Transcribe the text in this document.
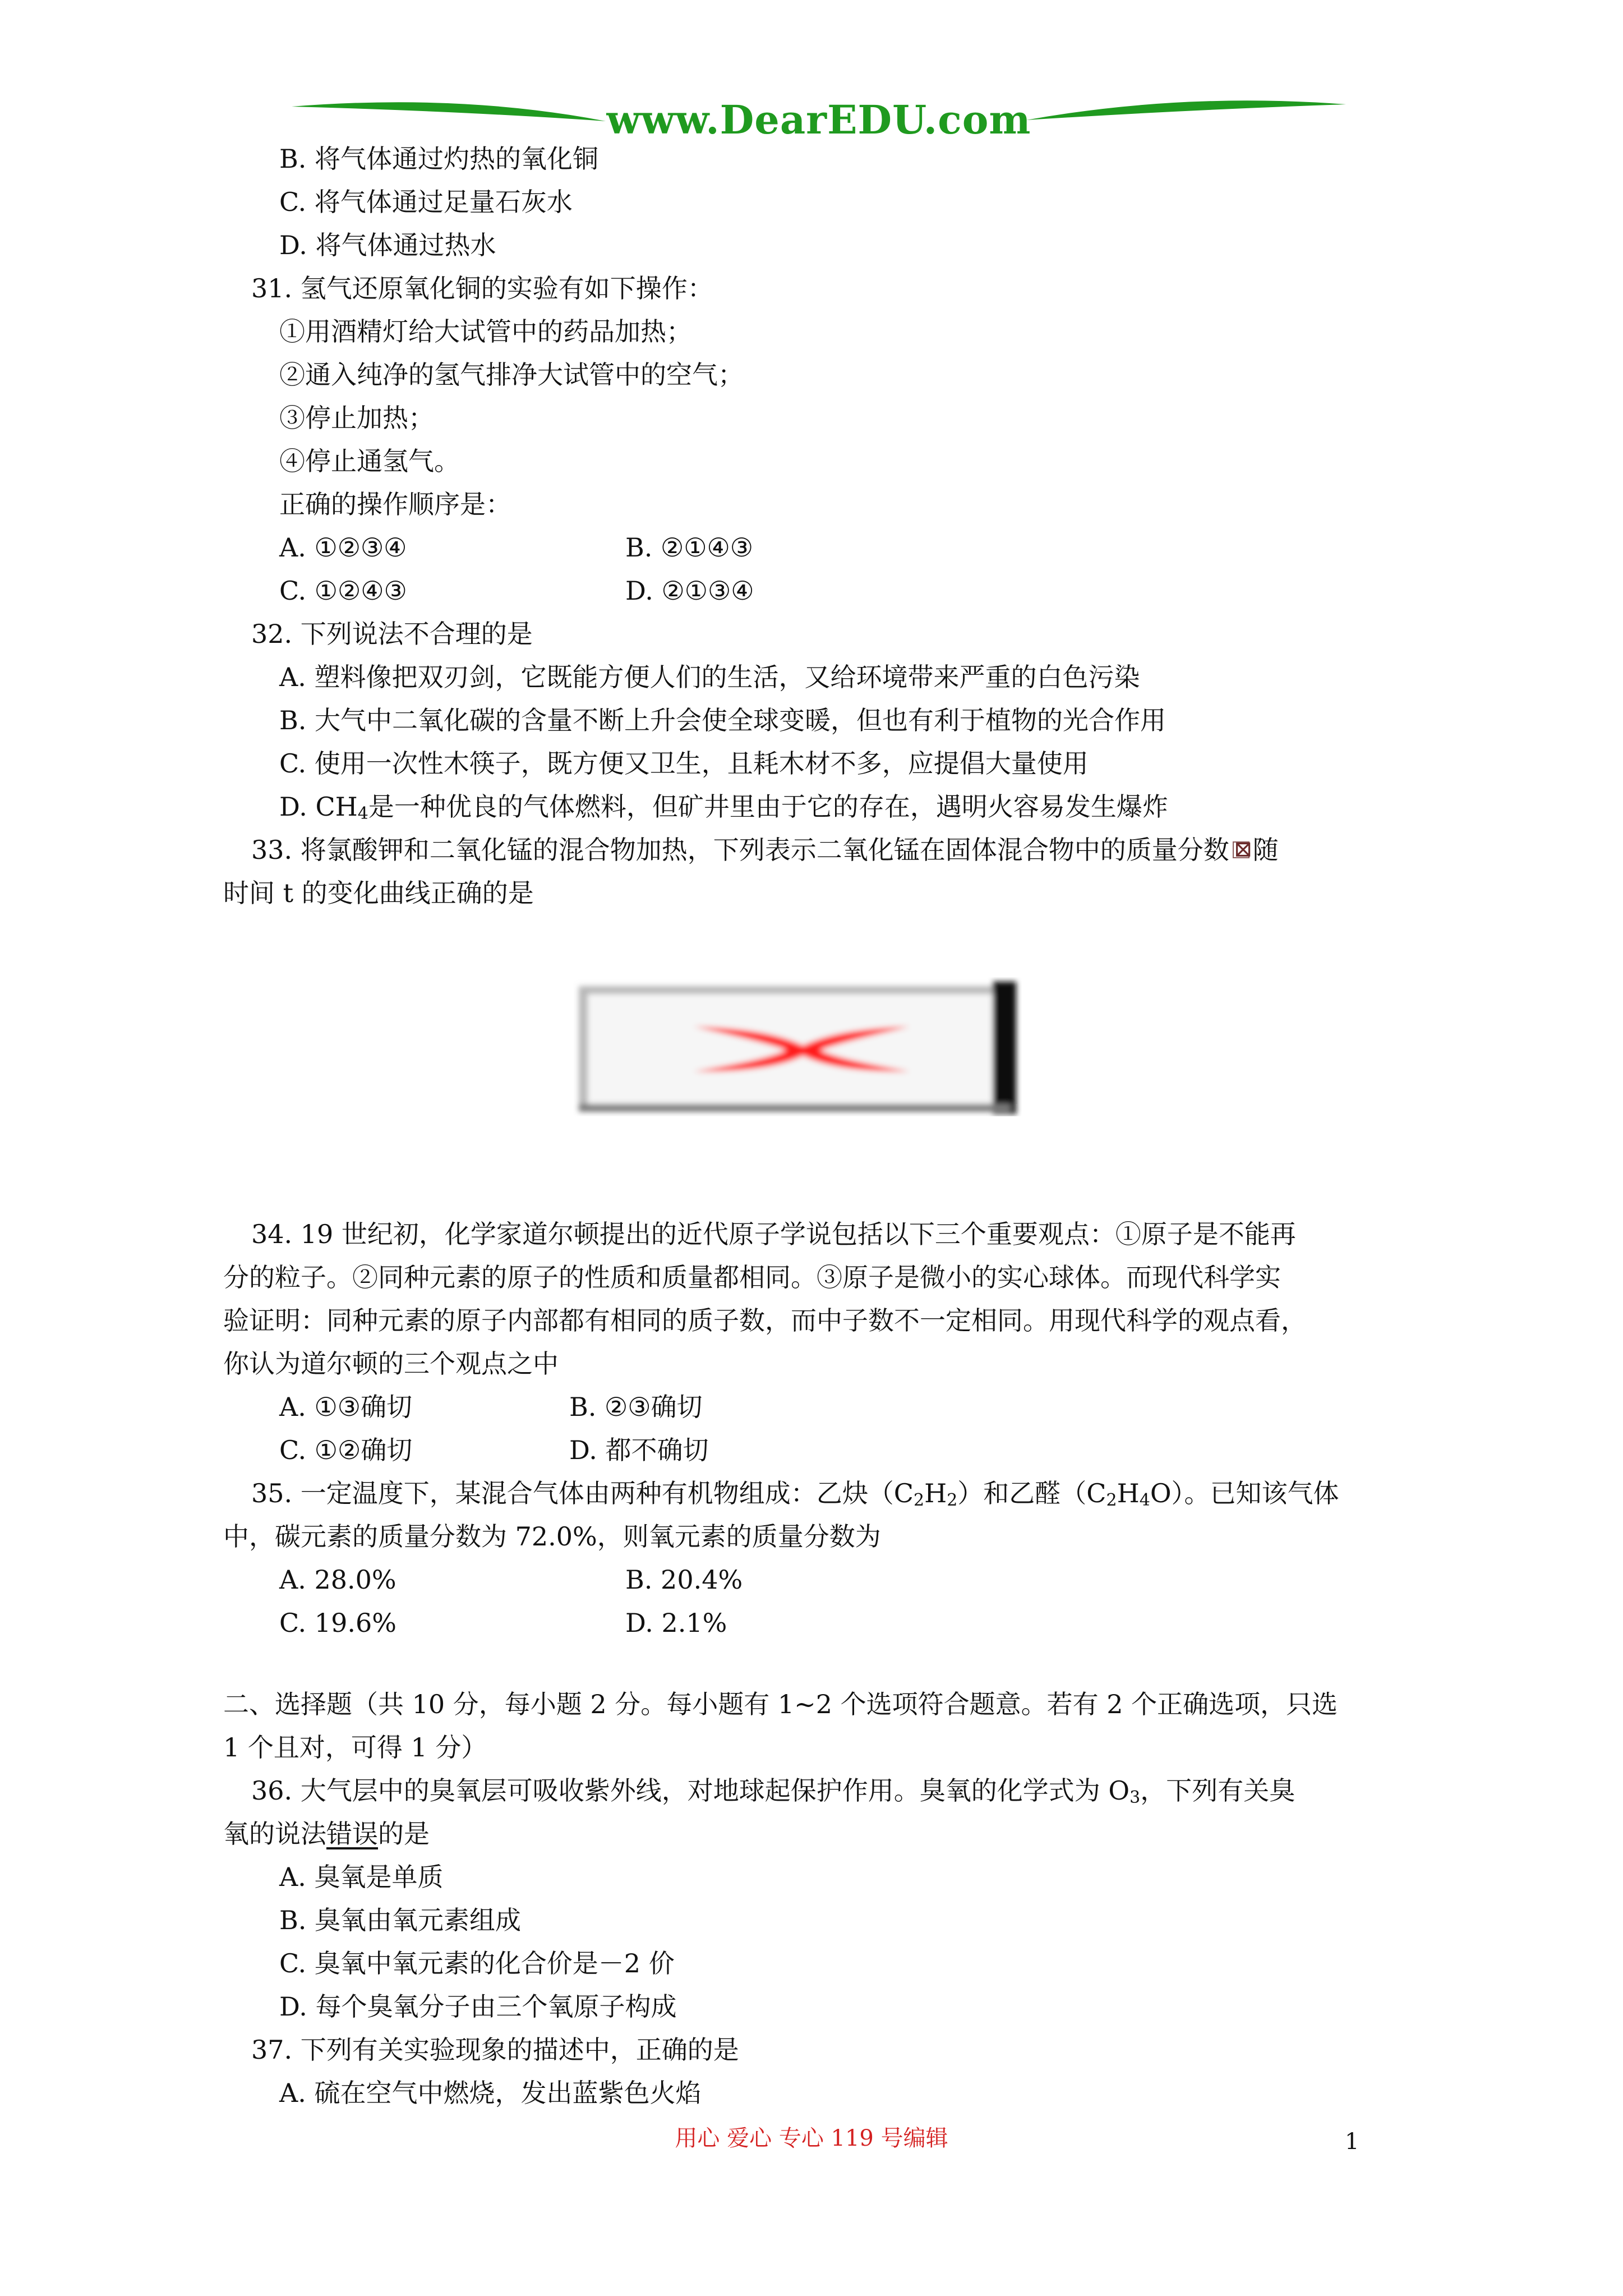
www.DearEDU.com
B. 将气体通过灼热的氧化铜
C. 将气体通过足量石灰水
D. 将气体通过热水
31. 氢气还原氧化铜的实验有如下操作：
①用酒精灯给大试管中的药品加热；
②通入纯净的氢气排净大试管中的空气；
③停止加热；
④停止通氢气。
正确的操作顺序是：
A. ①②③④	B. ②①④③
C. ①②④③	D. ②①③④
32. 下列说法不合理的是
A. 塑料像把双刃剑，它既能方便人们的生活，又给环境带来严重的白色污染
B. 大气中二氧化碳的含量不断上升会使全球变暖，但也有利于植物的光合作用
C. 使用一次性木筷子，既方便又卫生，且耗木材不多，应提倡大量使用
D. $CH_4$是一种优良的气体燃料，但矿井里由于它的存在，遇明火容易发生爆炸
33. 将氯酸钾和二氧化锰的混合物加热，下列表示二氧化锰在固体混合物中的质量分数 ⊠随
时间 t 的变化曲线正确的是
34. 19 世纪初，化学家道尔顿提出的近代原子学说包括以下三个重要观点：①原子是不能再
分的粒子。②同种元素的原子的性质和质量都相同。③原子是微小的实心球体。而现代科学实
验证明：同种元素的原子内部都有相同的质子数，而中子数不一定相同。用现代科学的观点看，
你认为道尔顿的三个观点之中
A. ①③确切	B. ②③确切
C. ①②确切	D. 都不确切
35. 一定温度下，某混合气体由两种有机物组成：乙炔$(C_2H_2)$和乙醛$(C_2H_4O)$。已知该气体
中，碳元素的质量分数为 72.0%，则氧元素的质量分数为
A. 28.0%	B. 20.4%
C. 19.6%	D. 2.1%
二、选择题（共 10 分，每小题 2 分。每小题有 1~2 个选项符合题意。若有 2 个正确选项，只选
1 个且对，可得 1 分）
36. 大气层中的臭氧层可吸收紫外线，对地球起保护作用。臭氧的化学式为 $O_3$，下列有关臭
氧的说法错误的是
A. 臭氧是单质
B. 臭氧由氧元素组成
C. 臭氧中氧元素的化合价是－2 价
D. 每个臭氧分子由三个氧原子构成
37. 下列有关实验现象的描述中，正确的是
A. 硫在空气中燃烧，发出蓝紫色火焰
用心 爱心 专心 119 号编辑	1
